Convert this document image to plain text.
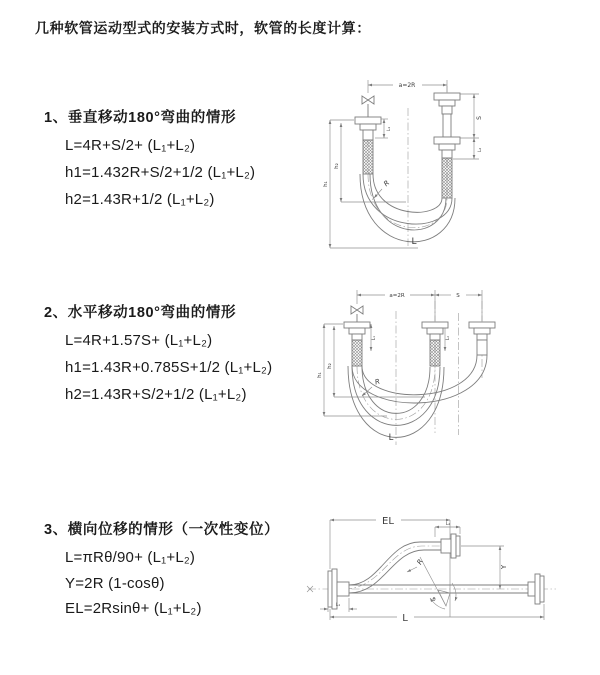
几种软管运动型式的安装方式时，软管的长度计算：
1、垂直移动180°弯曲的情形
L=4R+S/2+ (L₁+L₂)
h1=1.432R+S/2+1/2 (L₁+L₂)
h2=1.43R+1/2 (L₁+L₂)
2、水平移动180°弯曲的情形
L=4R+1.57S+ (L₁+L₂)
h1=1.43R+0.785S+1/2 (L₁+L₂)
h2=1.43R+S/2+1/2 (L₁+L₂)
3、横向位移的情形（一次性变位）
L=πRθ/90+ (L₁+L₂)
Y=2R (1-cosθ)
EL=2Rsinθ+ (L₁+L₂)
a=2R
h₁
h₂
S
L₂
L₁
R
L
a=2R	S
h₁
h₂
L₁	L₂
R
L
EL	L₂
Y
θ
R
L
L₁
